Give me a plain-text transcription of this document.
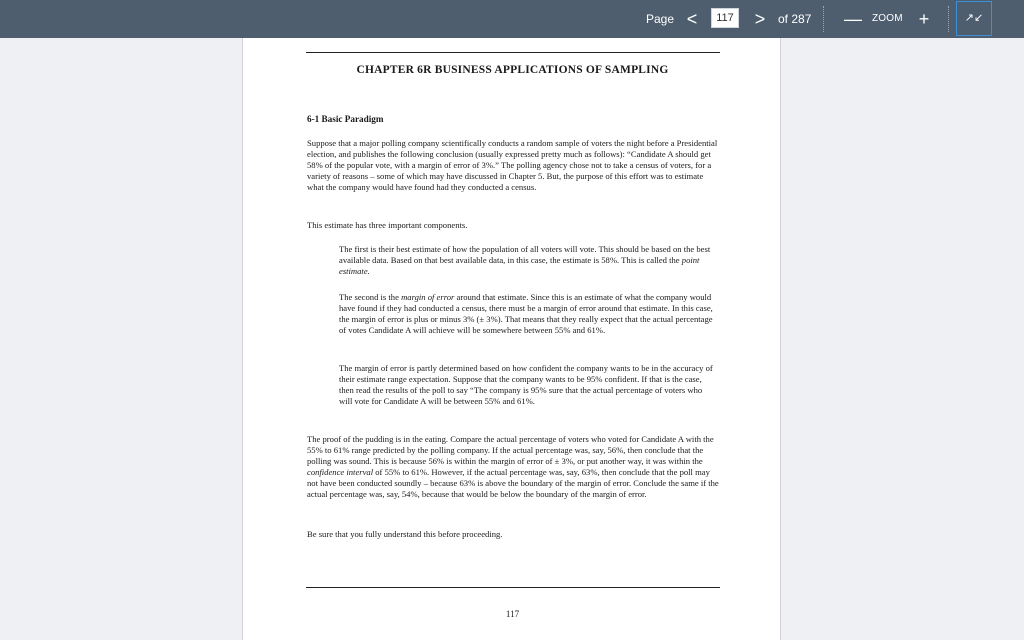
Page <
117	> of 287 — ZOOM +	↗↙
CHAPTER 6R BUSINESS APPLICATIONS OF SAMPLING
6-1 Basic Paradigm

Suppose that a major polling company scientifically conducts a random sample of voters the night before a Presidential election, and publishes the following conclusion (usually expressed pretty much as follows): “Candidate A should get 58% of the popular vote, with a margin of error of 3%.” The polling agency chose not to take a census of voters, for a variety of reasons – some of which may have discussed in Chapter 5. But, the purpose of this effort was to estimate what the company would have found had they conducted a census.

This estimate has three important components.

The first is their best estimate of how the population of all voters will vote. This should be based on the best available data. Based on that best available data, in this case, the estimate is 58%. This is called the point estimate.

The second is the margin of error around that estimate. Since this is an estimate of what the company would have found if they had conducted a census, there must be a margin of error around that estimate. In this case, the margin of error is plus or minus 3% (± 3%). That means that they really expect that the actual percentage of votes Candidate A will achieve will be somewhere between 55% and 61%.

The margin of error is partly determined based on how confident the company wants to be in the accuracy of their estimate range expectation. Suppose that the company wants to be 95% confident. If that is the case, then read the results of the poll to say “The company is 95% sure that the actual percentage of voters who will vote for Candidate A will be between 55% and 61%.

The proof of the pudding is in the eating. Compare the actual percentage of voters who voted for Candidate A with the 55% to 61% range predicted by the polling company. If the actual percentage was, say, 56%, then conclude that the polling was sound. This is because 56% is within the margin of error of ± 3%, or put another way, it was within the confidence interval of 55% to 61%. However, if the actual percentage was, say, 63%, then conclude that the poll may not have been conducted soundly – because 63% is above the boundary of the margin of error. Conclude the same if the actual percentage was, say, 54%, because that would be below the boundary of the margin of error.

Be sure that you fully understand this before proceeding.

117
